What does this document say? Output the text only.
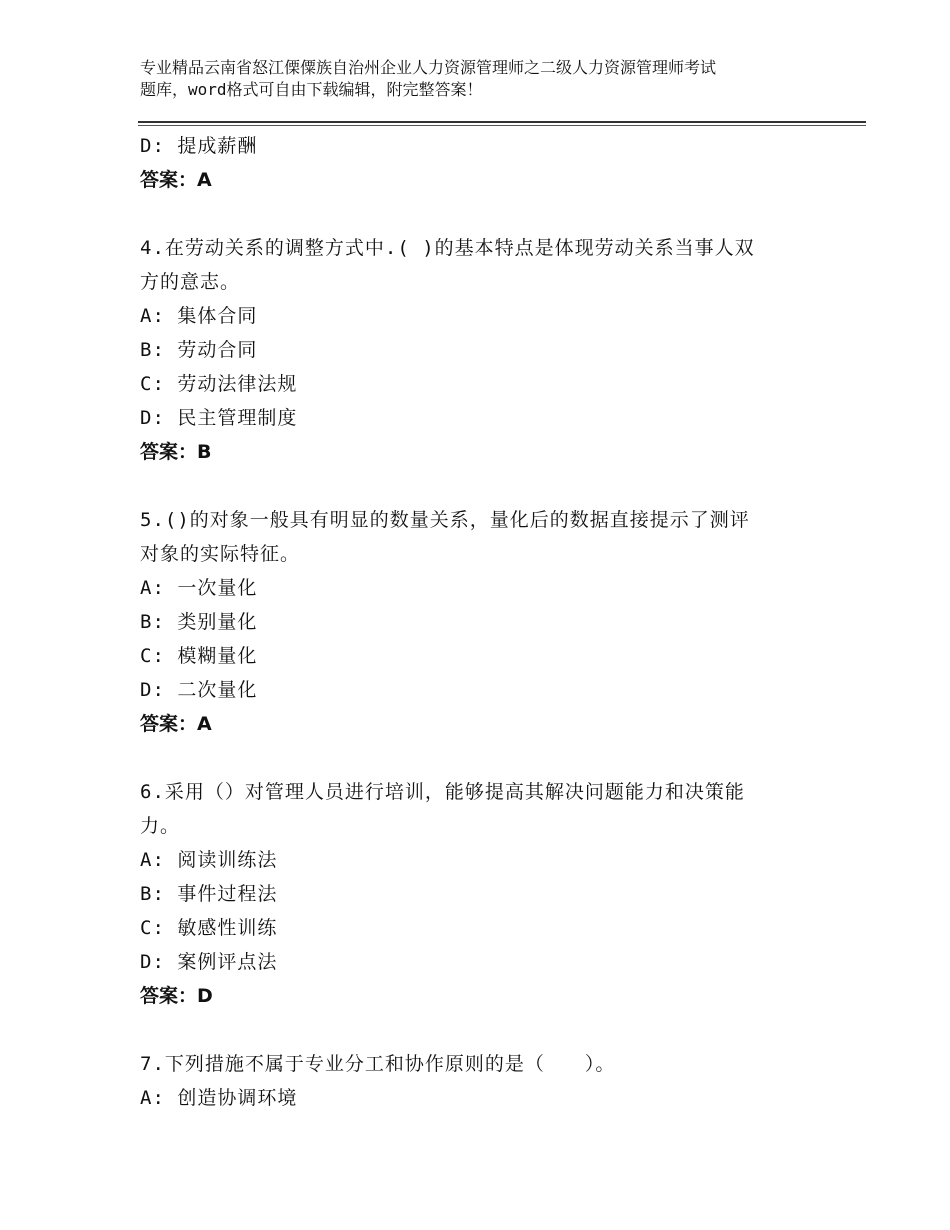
专业精品云南省怒江傈僳族自治州企业人力资源管理师之二级人力资源管理师考试
题库，word格式可自由下载编辑，附完整答案！
D: 提成薪酬
答案：A
4.在劳动关系的调整方式中.( )的基本特点是体现劳动关系当事人双
方的意志。
A: 集体合同
B: 劳动合同
C: 劳动法律法规
D: 民主管理制度
答案：B
5.()的对象一般具有明显的数量关系，量化后的数据直接提示了测评
对象的实际特征。
A: 一次量化
B: 类别量化
C: 模糊量化
D: 二次量化
答案：A
6.采用（）对管理人员进行培训，能够提高其解决问题能力和决策能
力。
A: 阅读训练法
B: 事件过程法
C: 敏感性训练
D: 案例评点法
答案：D
7.下列措施不属于专业分工和协作原则的是（　　）。
A: 创造协调环境
